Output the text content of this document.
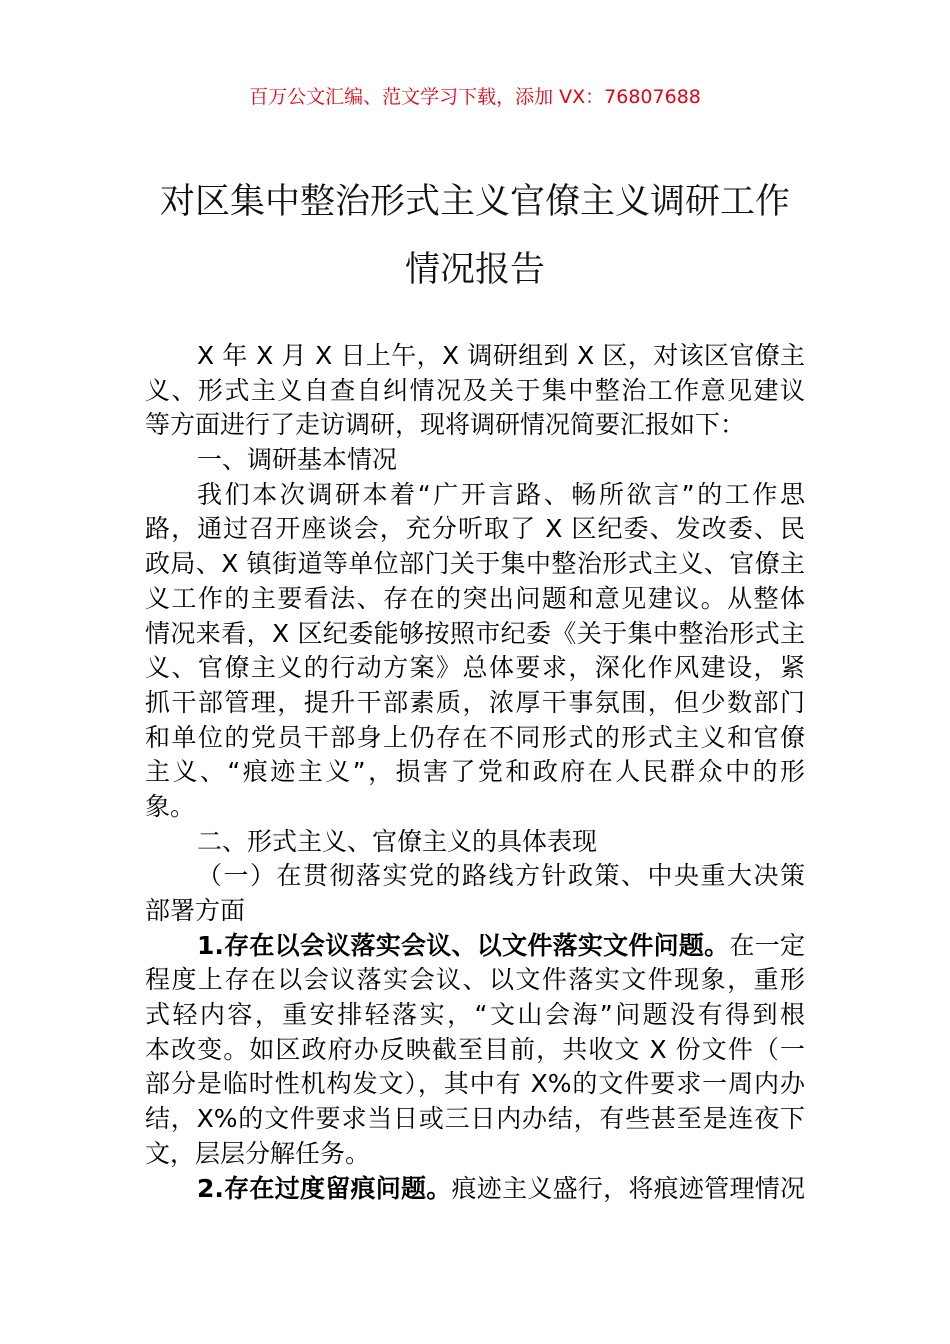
百万公文汇编、范文学习下载，添加 VX：76807688
对区集中整治形式主义官僚主义调研工作
情况报告
X 年 X 月 X 日上午，X 调研组到 X 区，对该区官僚主
义、形式主义自查自纠情况及关于集中整治工作意见建议
等方面进行了走访调研，现将调研情况简要汇报如下：
一、调研基本情况
我们本次调研本着“广开言路、畅所欲言”的工作思
路，通过召开座谈会，充分听取了 X 区纪委、发改委、民
政局、X 镇街道等单位部门关于集中整治形式主义、官僚主
义工作的主要看法、存在的突出问题和意见建议。从整体
情况来看，X 区纪委能够按照市纪委《关于集中整治形式主
义、官僚主义的行动方案》总体要求，深化作风建设，紧
抓干部管理，提升干部素质，浓厚干事氛围，但少数部门
和单位的党员干部身上仍存在不同形式的形式主义和官僚
主义、“痕迹主义”，损害了党和政府在人民群众中的形
象。
二、形式主义、官僚主义的具体表现
（一）在贯彻落实党的路线方针政策、中央重大决策
部署方面
1.存在以会议落实会议、以文件落实文件问题。在一定
程度上存在以会议落实会议、以文件落实文件现象，重形
式轻内容，重安排轻落实，“文山会海”问题没有得到根
本改变。如区政府办反映截至目前，共收文 X 份文件（一
部分是临时性机构发文），其中有 X%的文件要求一周内办
结，X%的文件要求当日或三日内办结，有些甚至是连夜下
文，层层分解任务。
2.存在过度留痕问题。痕迹主义盛行，将痕迹管理情况
